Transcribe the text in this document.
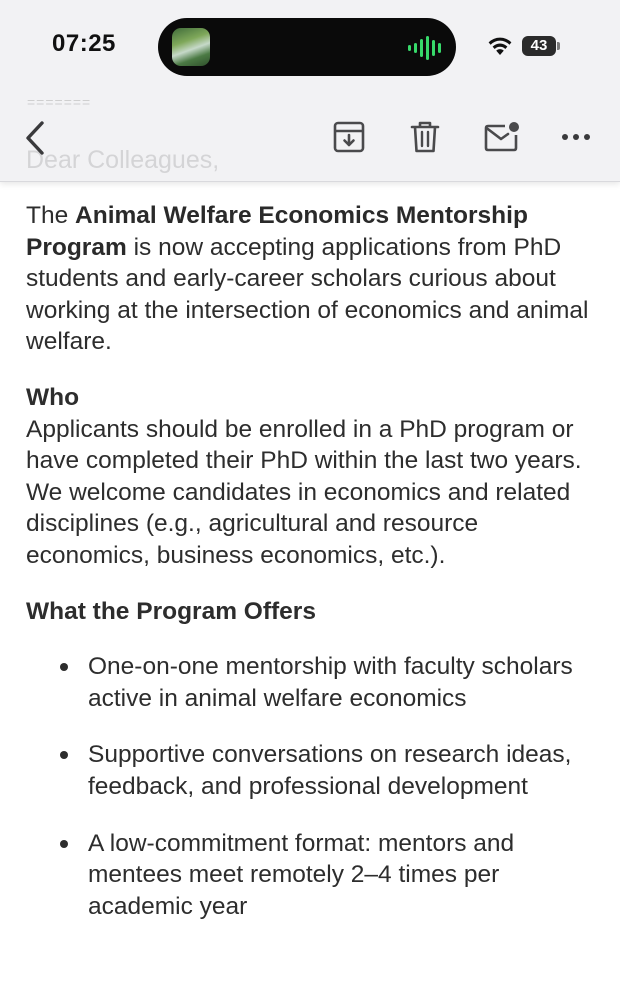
The Animal Welfare Economics Mentorship Program is now accepting applications from PhD students and early-career scholars curious about working at the intersection of economics and animal welfare.

Who

Applicants should be enrolled in a PhD program or have completed their PhD within the last two years. We welcome candidates in economics and related disciplines (e.g., agricultural and resource economics, business economics, etc.).

What the Program Offers
One-on-one mentorship with faculty scholars active in animal welfare economics
Supportive conversations on research ideas, feedback, and professional development
A low-commitment format: mentors and mentees meet remotely 2–4 times per academic year
07:25	43
=======
Dear Colleagues,
